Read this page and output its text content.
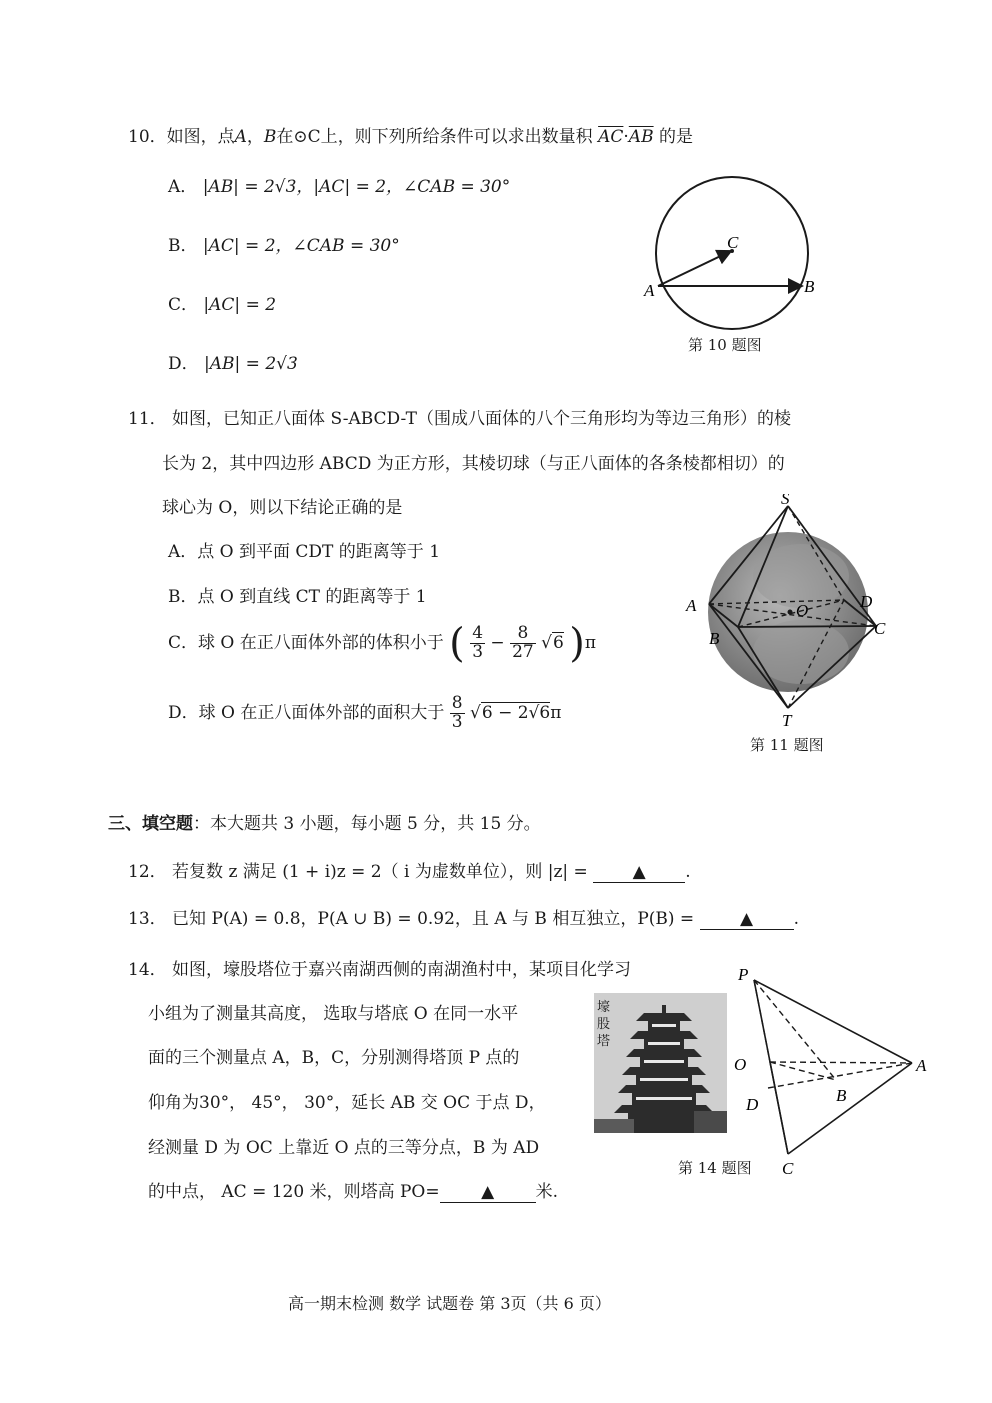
10．如图，点A，B在⊙C上，则下列所给条件可以求出数量积 $\overline{AC}\cdot\overline{AB}$ 的是
A． |AB| = 2√3，|AC| = 2，∠CAB = 30°
B． |AC| = 2，∠CAB = 30°
C． |AC| = 2
D． |AB| = 2√3
A	B
C
第 10 题图
11． 如图，已知正八面体 S-ABCD-T（围成八面体的八个三角形均为等边三角形）的棱
长为 2，其中四边形 ABCD 为正方形，其棱切球（与正八面体的各条棱都相切）的
球心为 O，则以下结论正确的是
A．点 O 到平面 CDT 的距离等于 1
B．点 O 到直线 CT 的距离等于 1
C．球 O 在正八面体外部的体积小于 ( $\frac{4}{3} - \frac{8}{27} √6$ )π
D．球 O 在正八面体外部的面积大于 $\frac{8}{3} √6 - 2√6\pi$
S
A
B
C
D
O
T
第 11 题图
三、填空题：本大题共 3 小题，每小题 5 分，共 15 分。
12． 若复数 z 满足 (1 + i)z = 2（ i 为虚数单位），则 |z| =	▲ .
13． 已知 P(A) = 0.8，P(A ∪ B) = 0.92，且 A 与 B 相互独立，P(B) =	▲ .
14． 如图，壕股塔位于嘉兴南湖西侧的南湖渔村中，某项目化学习
小组为了测量其高度， 选取与塔底 O 在同一水平
面的三个测量点 A，B，C，分别测得塔顶 P 点的
仰角为30°， 45°， 30°，延长 AB 交 OC 于点 D，
经测量 D 为 OC 上靠近 O 点的三等分点，B 为 AD
的中点， AC = 120 米，则塔高 PO= ▲ 米.
壕股塔
P
O	A
B
D
C
第 14 题图
高一期末检测 数学 试题卷 第 3页（共 6 页）
